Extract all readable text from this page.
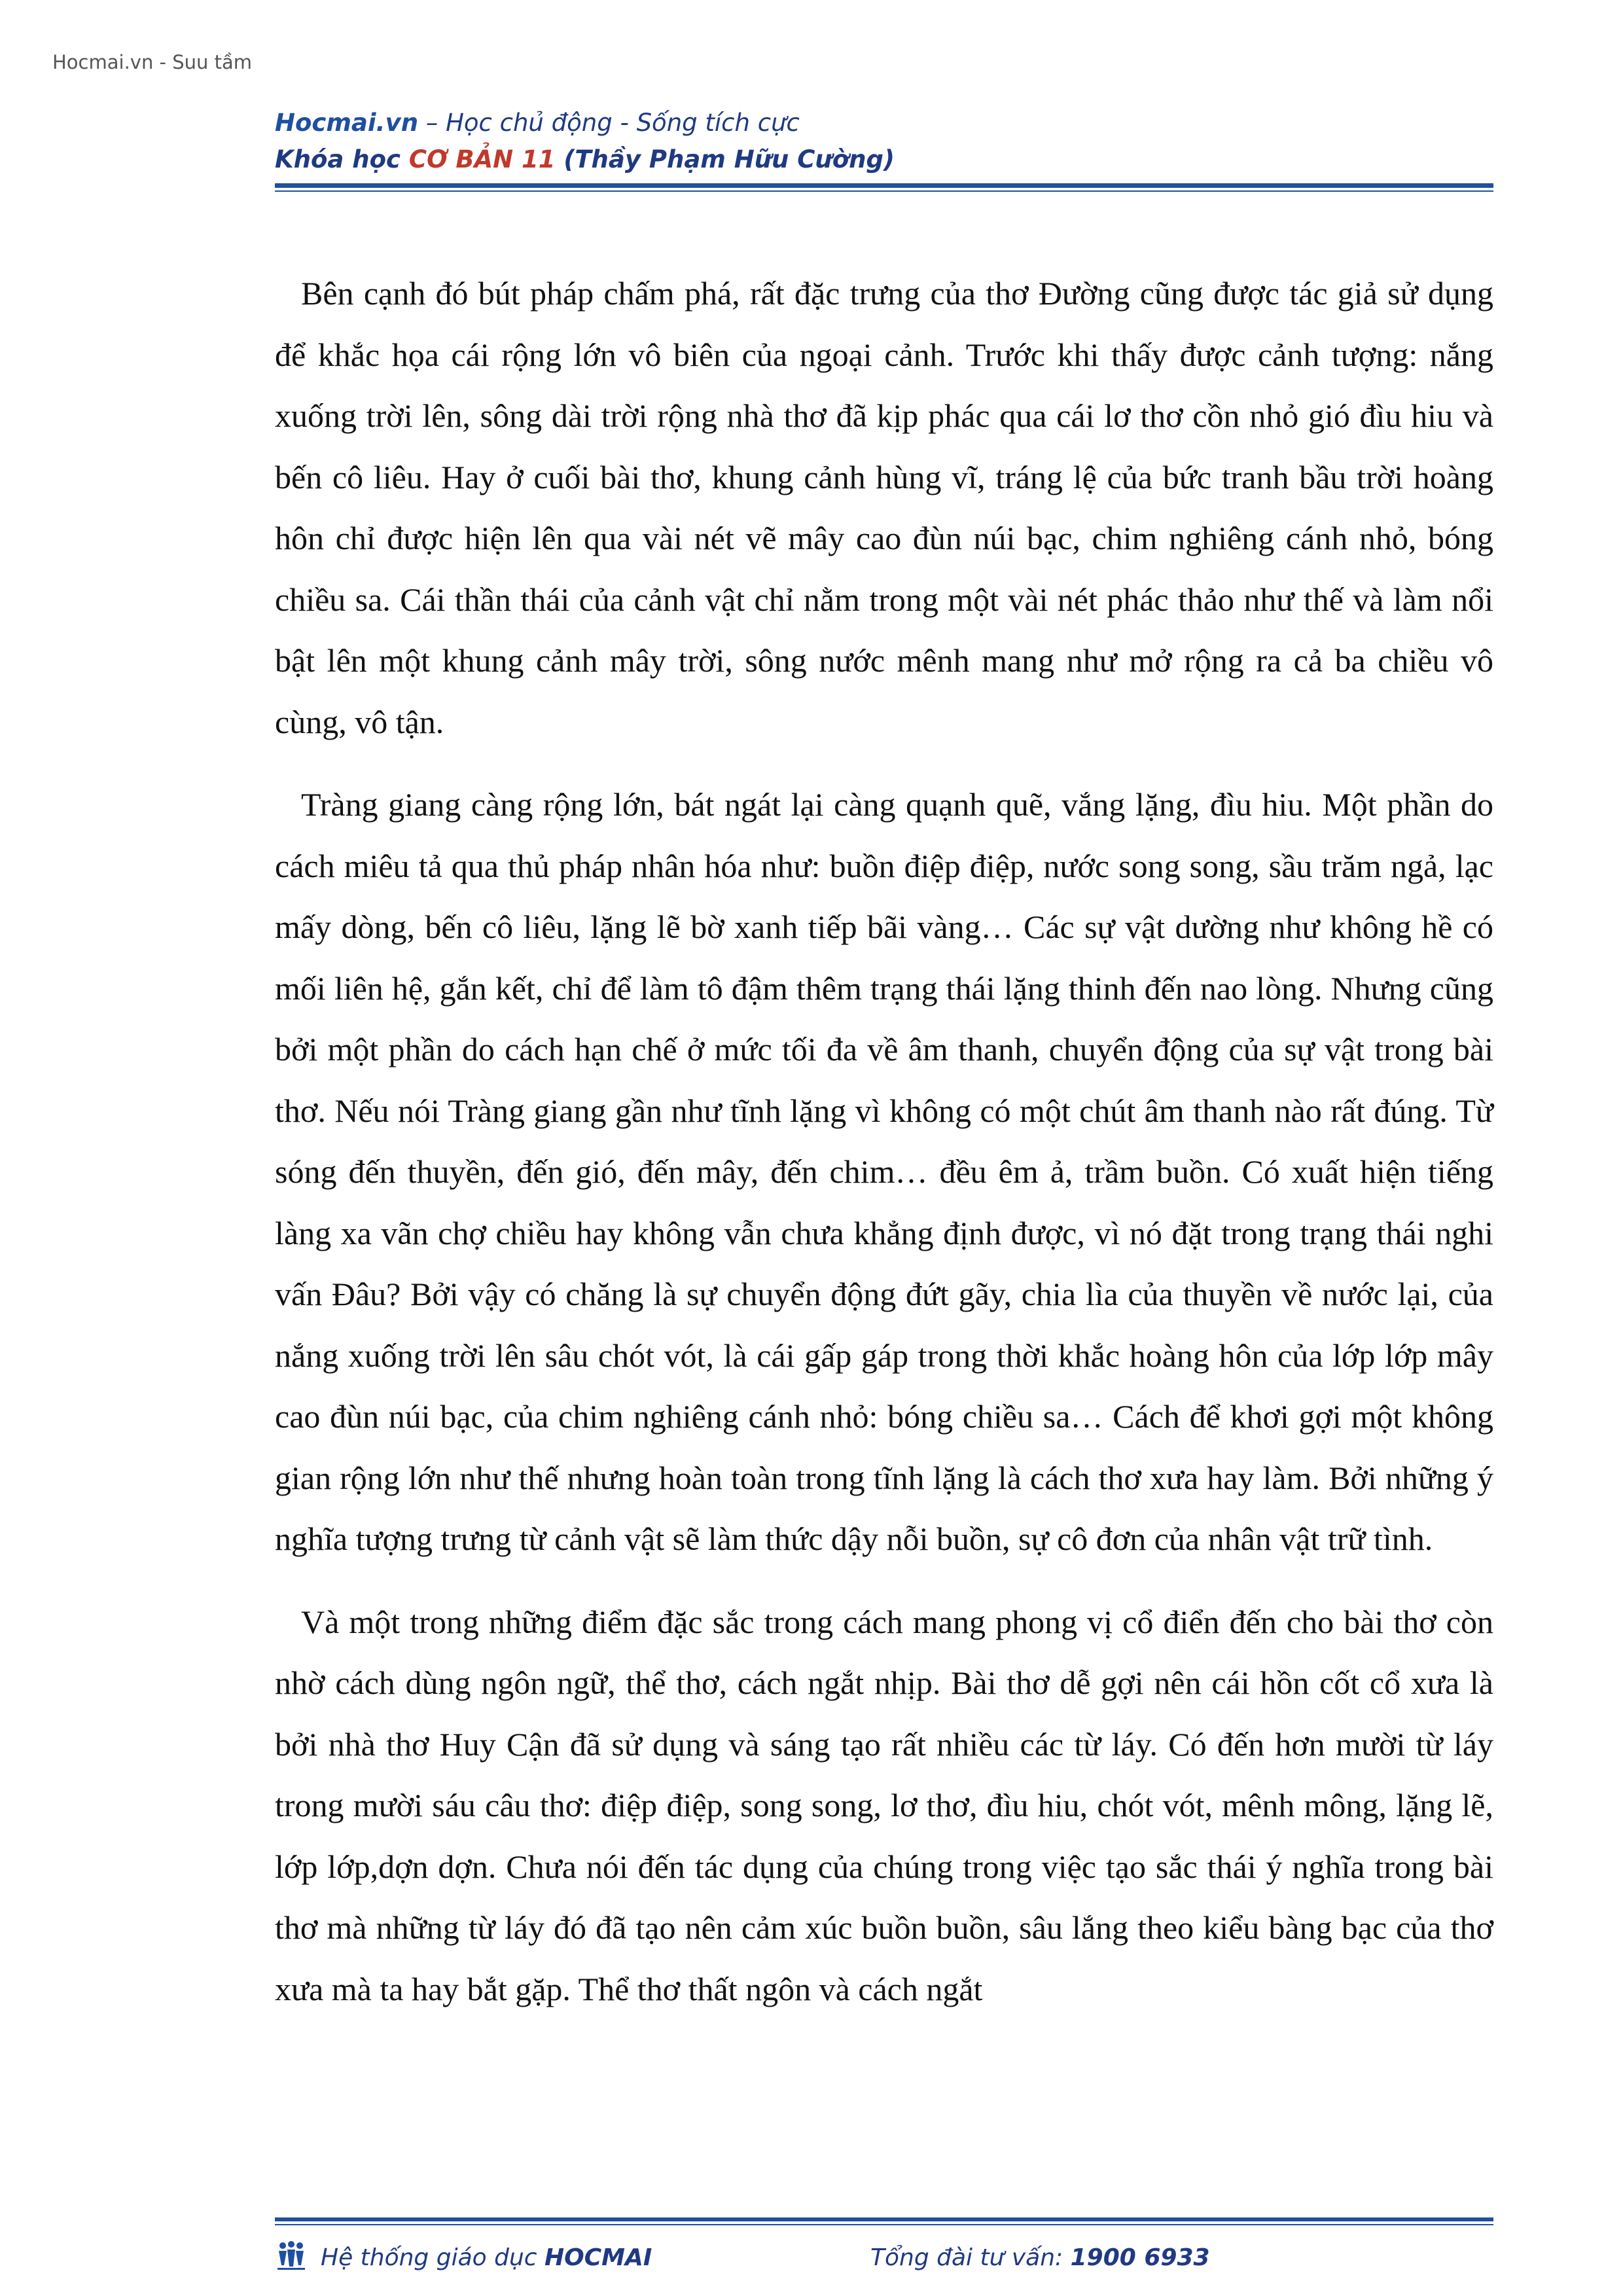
Hocmai.vn - Suu tầm
Hocmai.vn – Học chủ động - Sống tích cực
Khóa học CƠ BẢN 11 (Thầy Phạm Hữu Cường)

Bên cạnh đó bút pháp chấm phá, rất đặc trưng của thơ Đường cũng được tác giả sử dụng để khắc họa cái rộng lớn vô biên của ngoại cảnh. Trước khi thấy được cảnh tượng: nắng xuống trời lên, sông dài trời rộng nhà thơ đã kịp phác qua cái lơ thơ cồn nhỏ gió đìu hiu và bến cô liêu. Hay ở cuối bài thơ, khung cảnh hùng vĩ, tráng lệ của bức tranh bầu trời hoàng hôn chỉ được hiện lên qua vài nét vẽ mây cao đùn núi bạc, chim nghiêng cánh nhỏ, bóng chiều sa. Cái thần thái của cảnh vật chỉ nằm trong một vài nét phác thảo như thế và làm nổi bật lên một khung cảnh mây trời, sông nước mênh mang như mở rộng ra cả ba chiều vô cùng, vô tận.

Tràng giang càng rộng lớn, bát ngát lại càng quạnh quẽ, vắng lặng, đìu hiu. Một phần do cách miêu tả qua thủ pháp nhân hóa như: buồn điệp điệp, nước song song, sầu trăm ngả, lạc mấy dòng, bến cô liêu, lặng lẽ bờ xanh tiếp bãi vàng… Các sự vật dường như không hề có mối liên hệ, gắn kết, chỉ để làm tô đậm thêm trạng thái lặng thinh đến nao lòng. Nhưng cũng bởi một phần do cách hạn chế ở mức tối đa về âm thanh, chuyển động của sự vật trong bài thơ. Nếu nói Tràng giang gần như tĩnh lặng vì không có một chút âm thanh nào rất đúng. Từ sóng đến thuyền, đến gió, đến mây, đến chim… đều êm ả, trầm buồn. Có xuất hiện tiếng làng xa vãn chợ chiều hay không vẫn chưa khẳng định được, vì nó đặt trong trạng thái nghi vấn Đâu? Bởi vậy có chăng là sự chuyển động đứt gãy, chia lìa của thuyền về nước lại, của nắng xuống trời lên sâu chót vót, là cái gấp gáp trong thời khắc hoàng hôn của lớp lớp mây cao đùn núi bạc, của chim nghiêng cánh nhỏ: bóng chiều sa… Cách để khơi gợi một không gian rộng lớn như thế nhưng hoàn toàn trong tĩnh lặng là cách thơ xưa hay làm. Bởi những ý nghĩa tượng trưng từ cảnh vật sẽ làm thức dậy nỗi buồn, sự cô đơn của nhân vật trữ tình.

Và một trong những điểm đặc sắc trong cách mang phong vị cổ điển đến cho bài thơ còn nhờ cách dùng ngôn ngữ, thể thơ, cách ngắt nhịp. Bài thơ dễ gợi nên cái hồn cốt cổ xưa là bởi nhà thơ Huy Cận đã sử dụng và sáng tạo rất nhiều các từ láy. Có đến hơn mười từ láy trong mười sáu câu thơ: điệp điệp, song song, lơ thơ, đìu hiu, chót vót, mênh mông, lặng lẽ, lớp lớp,dợn dợn. Chưa nói đến tác dụng của chúng trong việc tạo sắc thái ý nghĩa trong bài thơ mà những từ láy đó đã tạo nên cảm xúc buồn buồn, sâu lắng theo kiểu bàng bạc của thơ xưa mà ta hay bắt gặp. Thể thơ thất ngôn và cách ngắt

Hệ thống giáo dục HOCMAI	Tổng đài tư vấn: 1900 6933
